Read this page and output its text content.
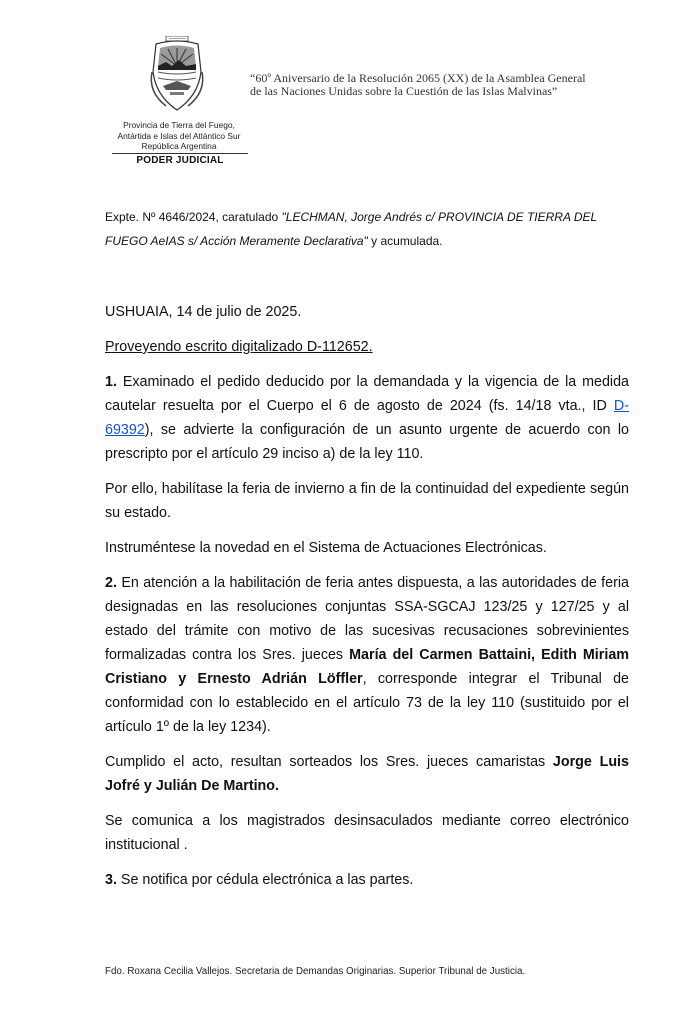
Provincia de Tierra del Fuego,
Antártida e Islas del Atlántico Sur
República Argentina
PODER JUDICIAL
“60º Aniversario de la Resolución 2065 (XX) de la Asamblea General
de las Naciones Unidas sobre la Cuestión de las Islas Malvinas”
Expte. Nº 4646/2024, caratulado "LECHMAN, Jorge Andrés c/ PROVINCIA DE TIERRA DEL FUEGO AeIAS s/ Acción Meramente Declarativa" y acumulada.

USHUAIA, 14 de julio de 2025.

Proveyendo escrito digitalizado D-112652.

1. Examinado el pedido deducido por la demandada y la vigencia de la medida cautelar resuelta por el Cuerpo el 6 de agosto de 2024 (fs. 14/18 vta., ID D-69392), se advierte la configuración de un asunto urgente de acuerdo con lo prescripto por el artículo 29 inciso a) de la ley 110.

Por ello, habilítase la feria de invierno a fin de la continuidad del expediente según su estado.

Instruméntese la novedad en el Sistema de Actuaciones Electrónicas.

2. En atención a la habilitación de feria antes dispuesta, a las autoridades de feria designadas en las resoluciones conjuntas SSA-SGCAJ 123/25 y 127/25 y al estado del trámite con motivo de las sucesivas recusaciones sobrevinientes formalizadas contra los Sres. jueces María del Carmen Battaini, Edith Miriam Cristiano y Ernesto Adrián Löffler, corresponde integrar el Tribunal de conformidad con lo establecido en el artículo 73 de la ley 110 (sustituido por el artículo 1º de la ley 1234).

Cumplido el acto, resultan sorteados los Sres. jueces camaristas Jorge Luis Jofré y Julián De Martino.

Se comunica a los magistrados desinsaculados mediante correo electrónico institucional .

3. Se notifica por cédula electrónica a las partes.

Fdo. Roxana Cecilia Vallejos. Secretaria de Demandas Originarias. Superior Tribunal de Justicia.
